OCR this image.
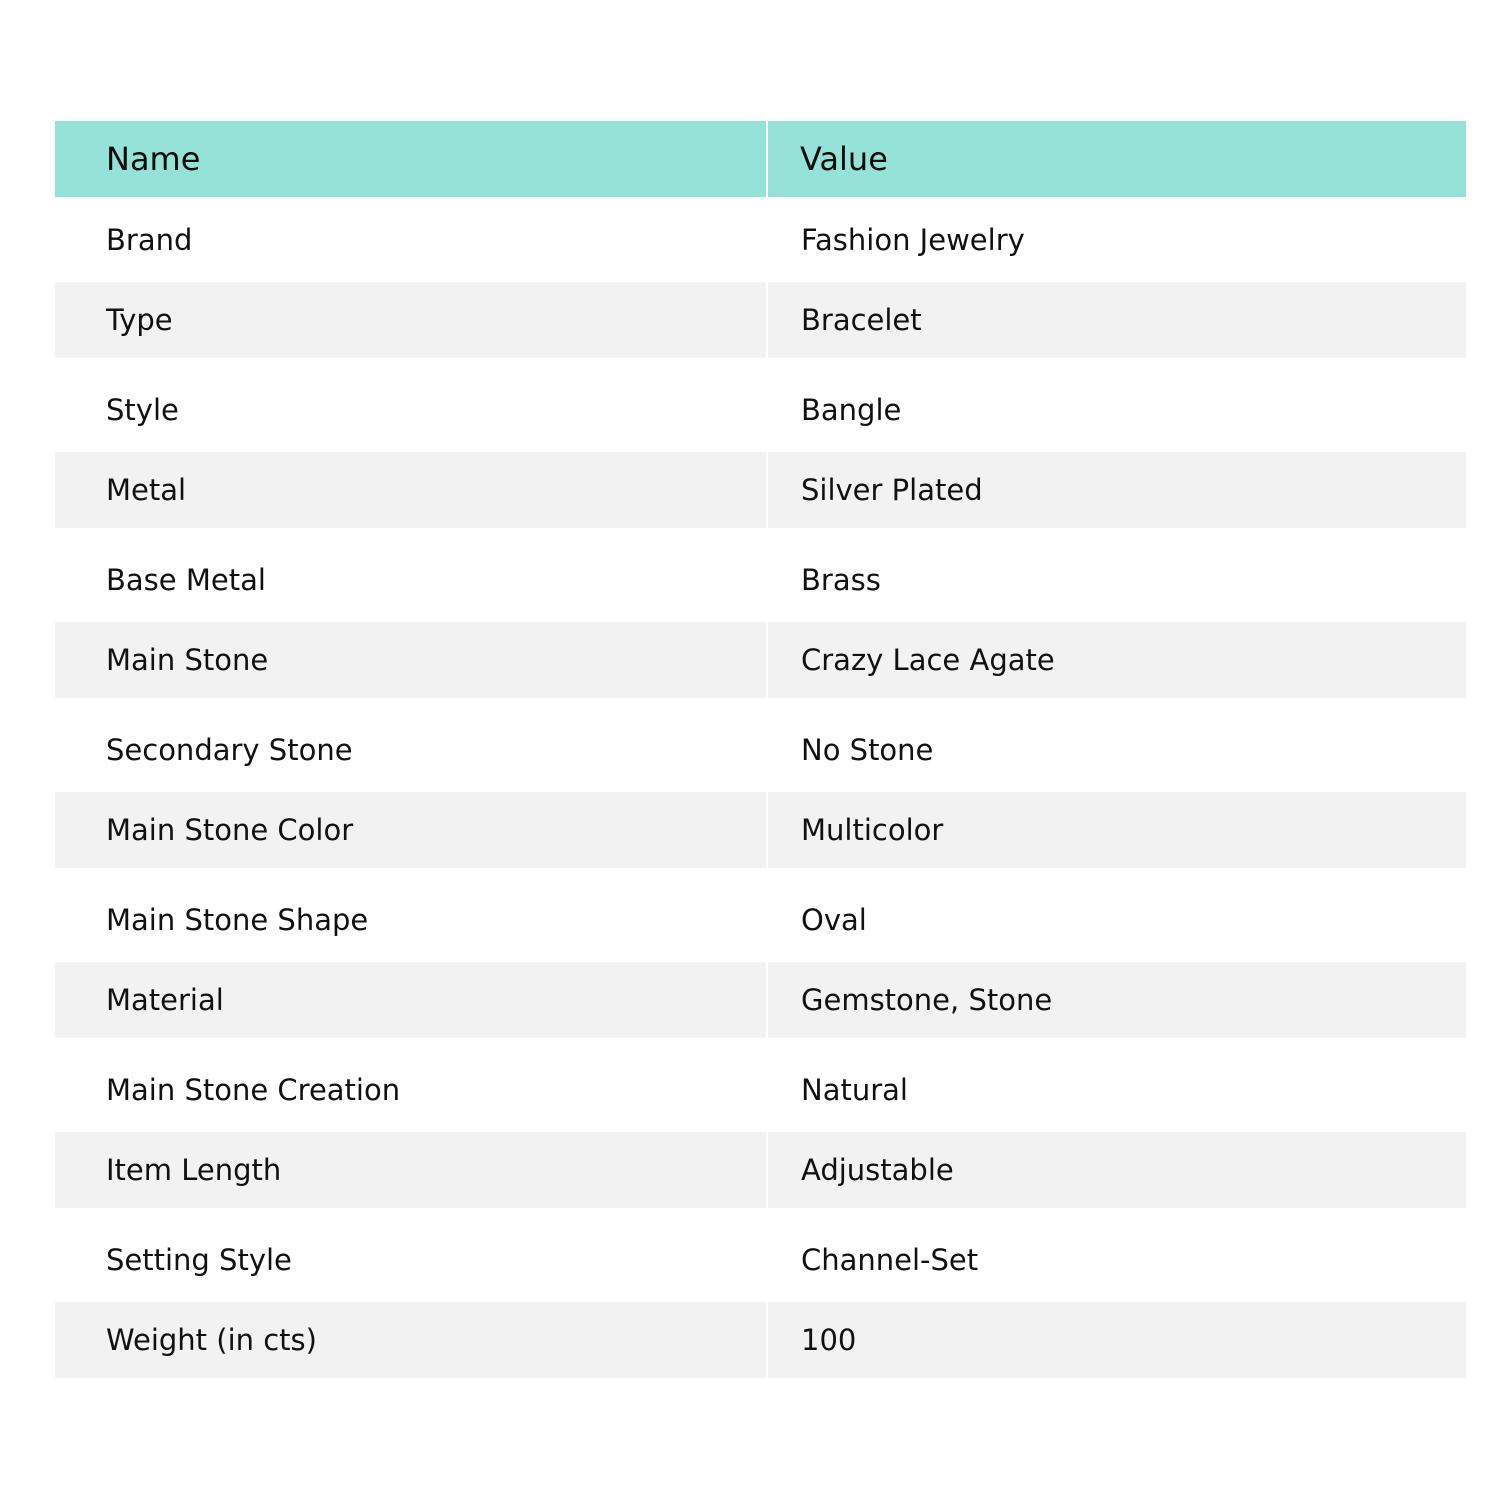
Name	Value
Brand	Fashion Jewelry
Type	Bracelet
Style	Bangle
Metal	Silver Plated
Base Metal	Brass
Main Stone	Crazy Lace Agate
Secondary Stone	No Stone
Main Stone Color	Multicolor
Main Stone Shape	Oval
Material	Gemstone, Stone
Main Stone Creation	Natural
Item Length	Adjustable
Setting Style	Channel-Set
Weight (in cts)	100
